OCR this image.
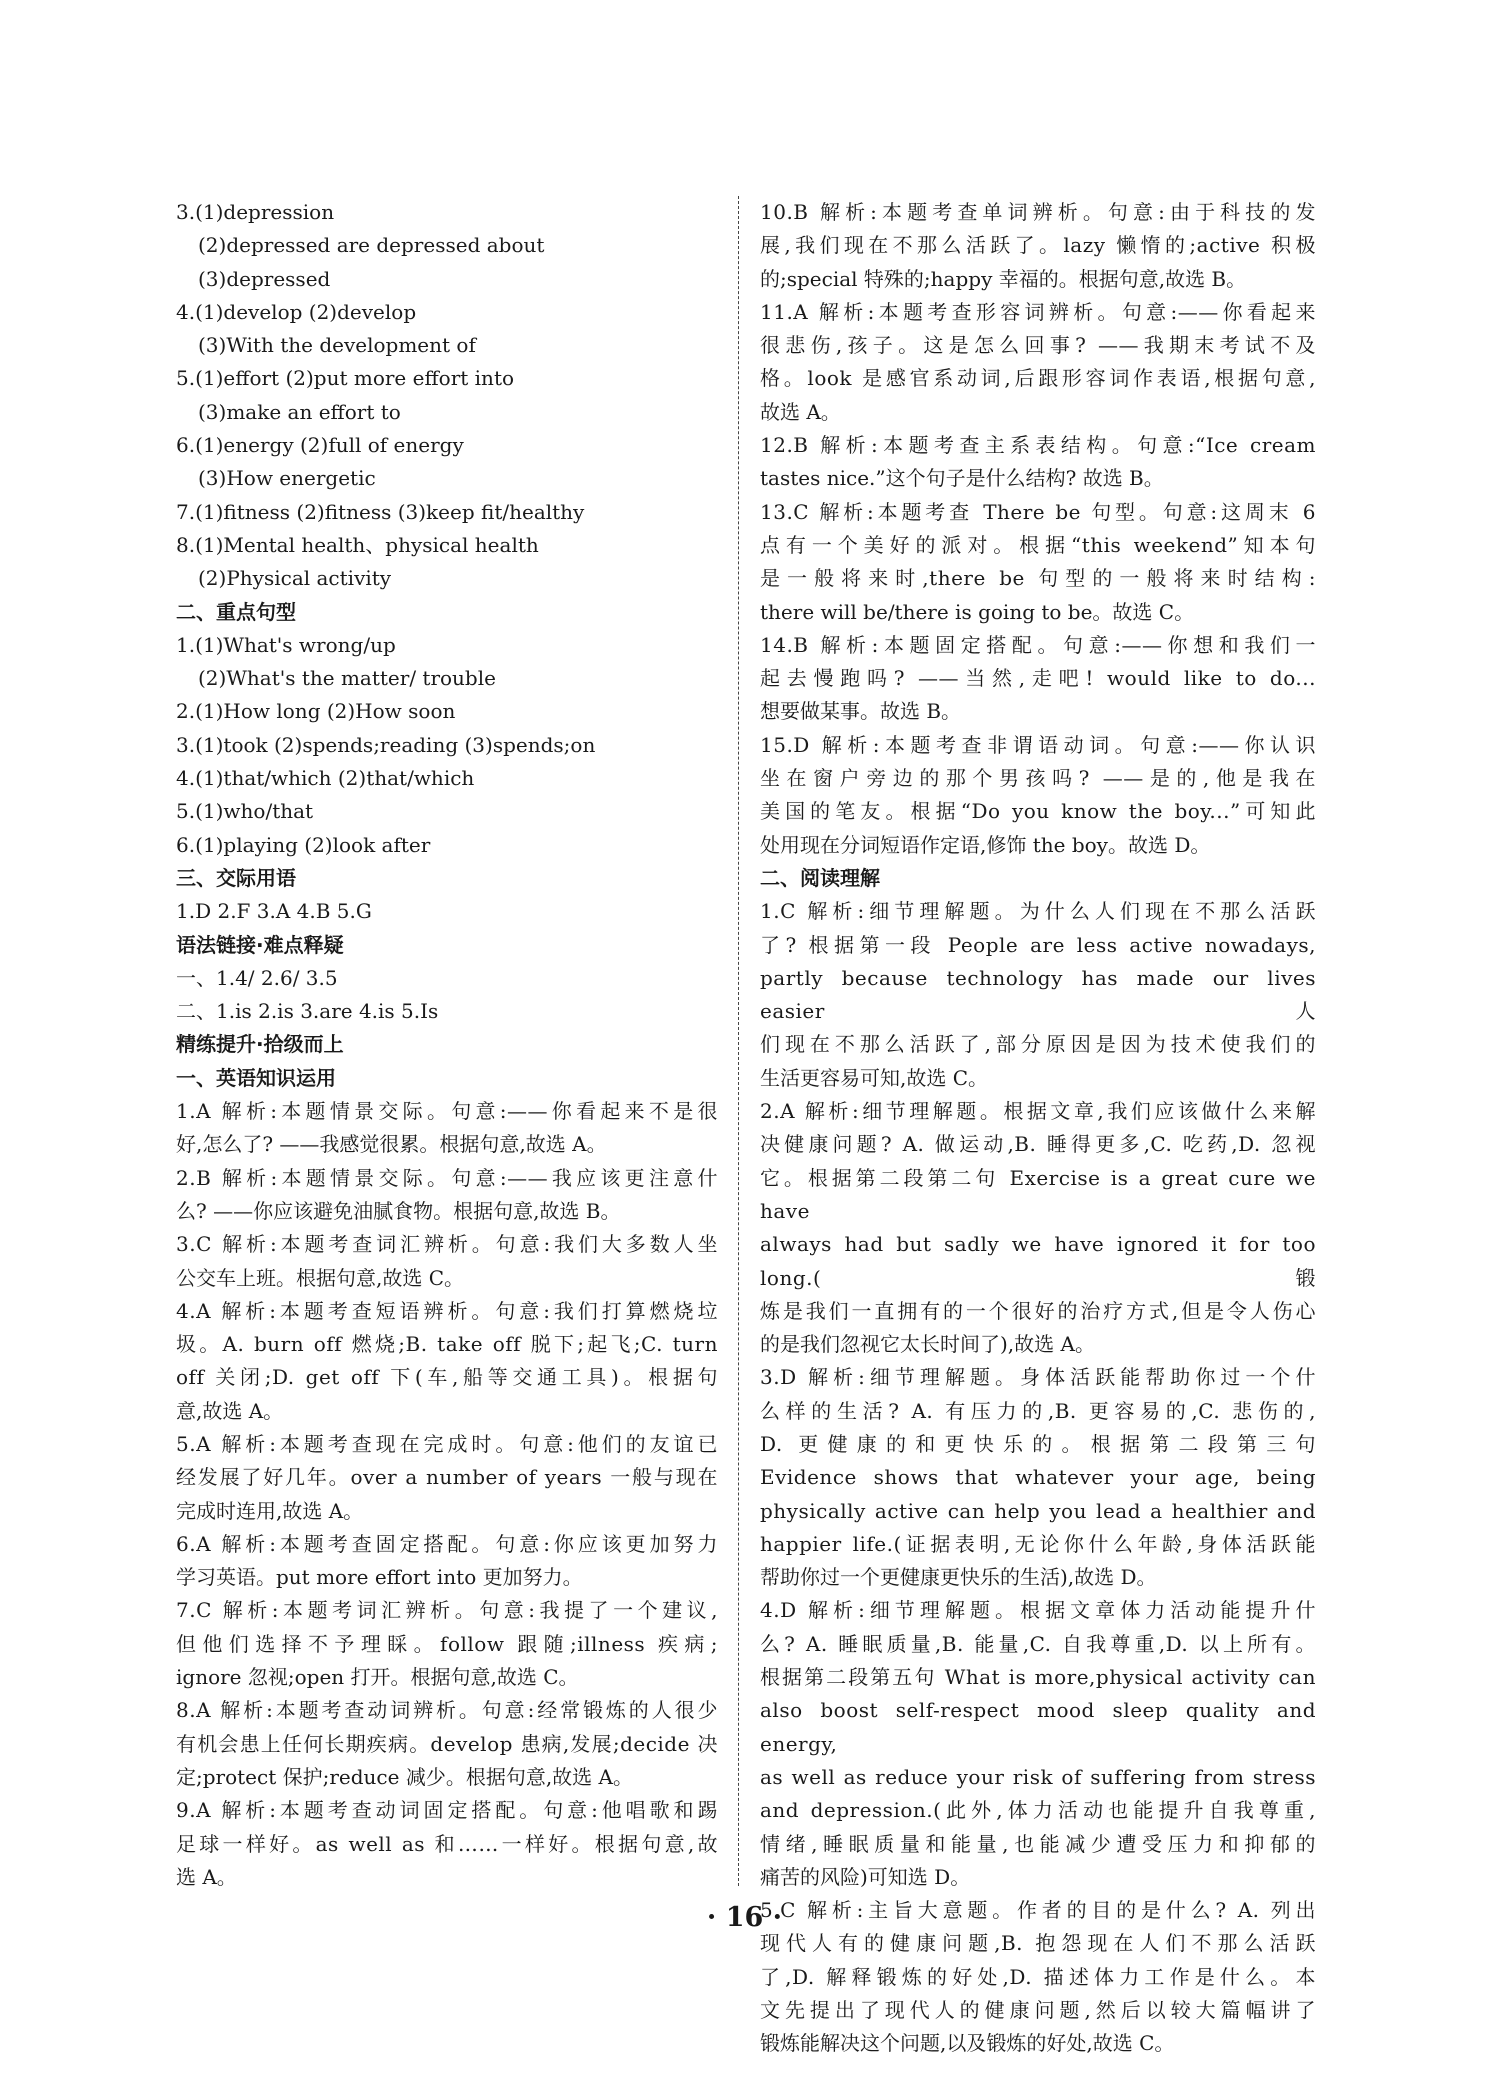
3.(1)depression
(2)depressed are depressed about
(3)depressed
4.(1)develop (2)develop
(3)With the development of
5.(1)effort (2)put more effort into
(3)make an effort to
6.(1)energy (2)full of energy
(3)How energetic
7.(1)fitness (2)fitness (3)keep fit/healthy
8.(1)Mental health、physical health
(2)Physical activity
二、重点句型
1.(1)What's wrong/up
(2)What's the matter/ trouble
2.(1)How long (2)How soon
3.(1)took (2)spends;reading (3)spends;on
4.(1)that/which (2)that/which
5.(1)who/that
6.(1)playing (2)look after
三、交际用语
1.D 2.F 3.A 4.B 5.G
语法链接·难点释疑
一、1.4/ 2.6/ 3.5
二、1.is 2.is 3.are 4.is 5.Is
精练提升·拾级而上
一、英语知识运用
1.A 解析:本题情景交际。句意:——你看起来不是很
好,怎么了? ——我感觉很累。根据句意,故选 A。
2.B 解析:本题情景交际。句意:——我应该更注意什
么? ——你应该避免油腻食物。根据句意,故选 B。
3.C 解析:本题考查词汇辨析。句意:我们大多数人坐
公交车上班。根据句意,故选 C。
4.A 解析:本题考查短语辨析。句意:我们打算燃烧垃
圾。A. burn off 燃烧;B. take off 脱下;起飞;C. turn
off 关闭;D. get off 下(车,船等交通工具)。根据句
意,故选 A。
5.A 解析:本题考查现在完成时。句意:他们的友谊已
经发展了好几年。over a number of years 一般与现在
完成时连用,故选 A。
6.A 解析:本题考查固定搭配。句意:你应该更加努力
学习英语。put more effort into 更加努力。
7.C 解析:本题考词汇辨析。句意:我提了一个建议,
但他们选择不予理睬。follow 跟随;illness 疾病;
ignore 忽视;open 打开。根据句意,故选 C。
8.A 解析:本题考查动词辨析。句意:经常锻炼的人很少
有机会患上任何长期疾病。develop 患病,发展;decide 决
定;protect 保护;reduce 减少。根据句意,故选 A。
9.A 解析:本题考查动词固定搭配。句意:他唱歌和踢
足球一样好。as well as 和……一样好。根据句意,故
选 A。
10.B 解析:本题考查单词辨析。句意:由于科技的发
展,我们现在不那么活跃了。lazy 懒惰的;active 积极
的;special 特殊的;happy 幸福的。根据句意,故选 B。
11.A 解析:本题考查形容词辨析。句意:——你看起来
很悲伤,孩子。这是怎么回事? ——我期末考试不及
格。look 是感官系动词,后跟形容词作表语,根据句意,
故选 A。
12.B 解析:本题考查主系表结构。句意:“Ice cream
tastes nice.”这个句子是什么结构? 故选 B。
13.C 解析:本题考查 There be 句型。句意:这周末 6
点有一个美好的派对。根据“this weekend”知本句
是一般将来时,there be 句型的一般将来时结构:
there will be/there is going to be。故选 C。
14.B 解析:本题固定搭配。句意:——你想和我们一
起去慢跑吗? ——当然,走吧! would like to do...
想要做某事。故选 B。
15.D 解析:本题考查非谓语动词。句意:——你认识
坐在窗户旁边的那个男孩吗? ——是的,他是我在
美国的笔友。根据“Do you know the boy...”可知此
处用现在分词短语作定语,修饰 the boy。故选 D。
二、阅读理解
1.C 解析:细节理解题。为什么人们现在不那么活跃
了? 根据第一段 People are less active nowadays,
partly because technology has made our lives easier 人
们现在不那么活跃了,部分原因是因为技术使我们的
生活更容易可知,故选 C。
2.A 解析:细节理解题。根据文章,我们应该做什么来解
决健康问题? A. 做运动,B. 睡得更多,C. 吃药,D. 忽视
它。根据第二段第二句 Exercise is a great cure we have
always had but sadly we have ignored it for too long.(锻
炼是我们一直拥有的一个很好的治疗方式,但是令人伤心
的是我们忽视它太长时间了),故选 A。
3.D 解析:细节理解题。身体活跃能帮助你过一个什
么样的生活? A. 有压力的,B. 更容易的,C. 悲伤的,
D. 更健康的和更快乐的。根据第二段第三句
Evidence shows that whatever your age, being
physically active can help you lead a healthier and
happier life.(证据表明,无论你什么年龄,身体活跃能
帮助你过一个更健康更快乐的生活),故选 D。
4.D 解析:细节理解题。根据文章体力活动能提升什
么? A. 睡眠质量,B. 能量,C. 自我尊重,D. 以上所有。
根据第二段第五句 What is more,physical activity can
also boost self-respect mood sleep quality and energy,
as well as reduce your risk of suffering from stress
and depression.(此外,体力活动也能提升自我尊重,
情绪,睡眠质量和能量,也能减少遭受压力和抑郁的
痛苦的风险)可知选 D。
5.C 解析:主旨大意题。作者的目的是什么? A. 列出
现代人有的健康问题,B. 抱怨现在人们不那么活跃
了,D. 解释锻炼的好处,D. 描述体力工作是什么。本
文先提出了现代人的健康问题,然后以较大篇幅讲了
锻炼能解决这个问题,以及锻炼的好处,故选 C。
· 16 ·
